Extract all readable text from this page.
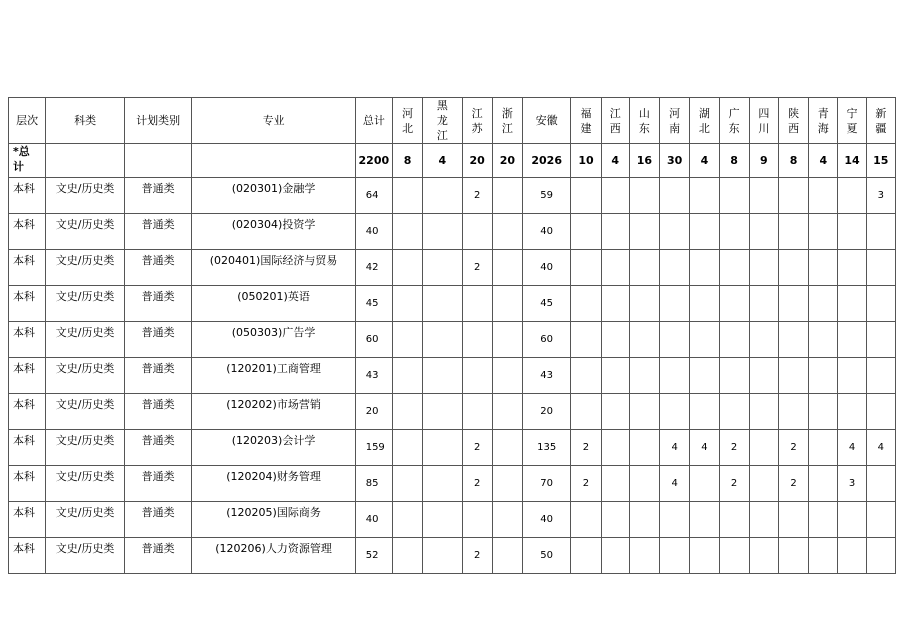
层次	科类	计划类别	专业	总计	河北	黑龙江	江苏	浙江	安徽	福建	江西	山东	河南	湖北	广东	四川	陕西	青海	宁夏	新疆
*总计				2200	8	4	20	20	2026	10	4	16	30	4	8	9	8	4	14	15
本科	文史/历史类	普通类	(020301)金融学	64			2		59											3
本科	文史/历史类	普通类	(020304)投资学	40					40											
本科	文史/历史类	普通类	(020401)国际经济与贸易	42			2		40											
本科	文史/历史类	普通类	(050201)英语	45					45											
本科	文史/历史类	普通类	(050303)广告学	60					60											
本科	文史/历史类	普通类	(120201)工商管理	43					43											
本科	文史/历史类	普通类	(120202)市场营销	20					20											
本科	文史/历史类	普通类	(120203)会计学	159			2		135	2			4	4	2		2		4	4
本科	文史/历史类	普通类	(120204)财务管理	85			2		70	2			4		2		2		3	
本科	文史/历史类	普通类	(120205)国际商务	40					40											
本科	文史/历史类	普通类	(120206)人力资源管理	52			2		50											
